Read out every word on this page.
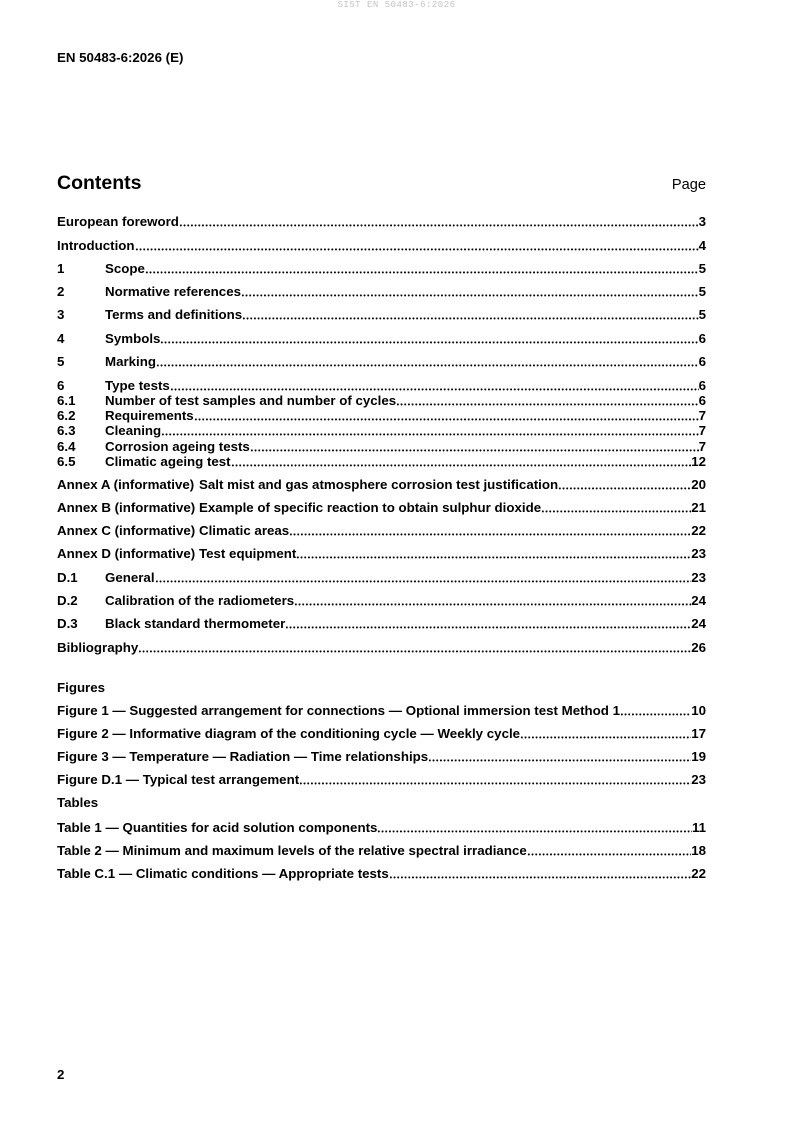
SIST EN 50483-6:2026
EN 50483-6:2026 (E)
Contents	Page
European foreword	3
Introduction	4
1	Scope	5
2	Normative references	5
3	Terms and definitions	5
4	Symbols	6
5	Marking	6
6	Type tests	6
6.1	Number of test samples and number of cycles	6
6.2	Requirements	7
6.3	Cleaning	7
6.4	Corrosion ageing tests	7
6.5	Climatic ageing test	12
Annex A (informative) Salt mist and gas atmosphere corrosion test justification	20
Annex B (informative) Example of specific reaction to obtain sulphur dioxide	21
Annex C (informative) Climatic areas	22
Annex D (informative) Test equipment	23
D.1	General	23
D.2	Calibration of the radiometers	24
D.3	Black standard thermometer	24
Bibliography	26
Figures
Figure 1 — Suggested arrangement for connections — Optional immersion test Method 1	10
Figure 2 — Informative diagram of the conditioning cycle — Weekly cycle	17
Figure 3 — Temperature — Radiation — Time relationships	19
Figure D.1 — Typical test arrangement	23
Tables
Table 1 — Quantities for acid solution components	11
Table 2 — Minimum and maximum levels of the relative spectral irradiance	18
Table C.1 — Climatic conditions — Appropriate tests	22
2
